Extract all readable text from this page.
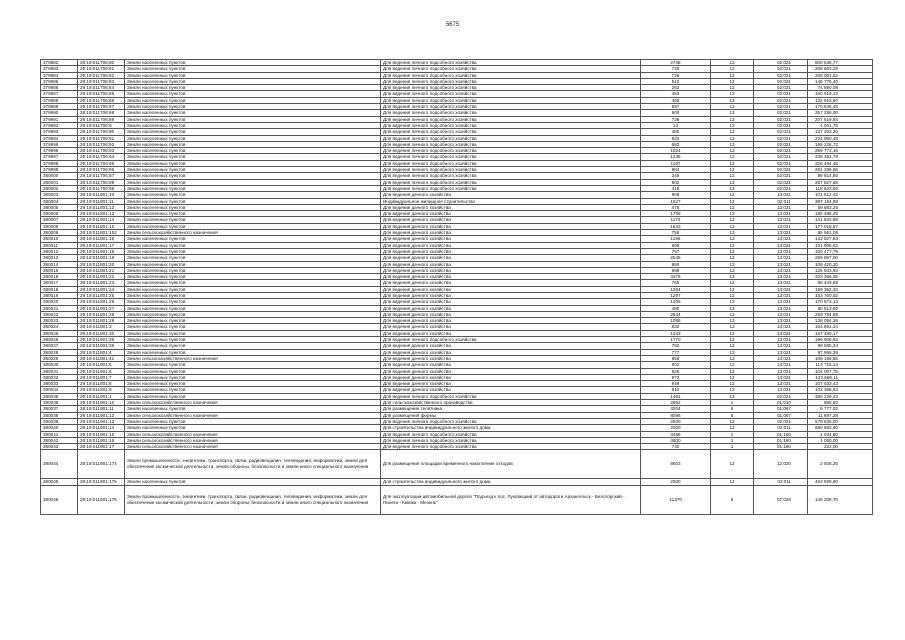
5675
379982	29:19:011706:80	Земли населенных пунктов	Для ведения личного подсобного хозяйства	2748	13	02:021	600 535,77
379983	29:19:011706:81	Земли населенных пунктов	Для ведения личного подсобного хозяйства	730	13	02:021	208 663,29
379984	29:19:011706:82	Земли населенных пунктов	Для ведения личного подсобного хозяйства	728	13	02:021	208 091,52
379985	29:19:011706:83	Земли населенных пунктов	Для ведения личного подсобного хозяйства	510	13	02:021	145 776,40
379986	29:19:011706:84	Земли населенных пунктов	Для ведения личного подсобного хозяйства	262	13	02:021	74 890,08
379987	29:19:011706:85	Земли населенных пунктов	Для ведения личного подсобного хозяйства	463	13	02:021	160 919,12
379988	29:19:011706:86	Земли населенных пунктов	Для ведения личного подсобного хозяйства	465	13	02:021	132 915,60
379989	29:19:011706:87	Земли населенных пунктов	Для ведения личного подсобного хозяйства	597	13	02:021	170 646,48
379990	29:19:011706:88	Земли населенных пунктов	Для ведения личного подсобного хозяйства	900	13	02:021	257 256,00
379991	29:19:011706:89	Земли населенных пунктов	Для ведения личного подсобного хозяйства	726	13	02:021	207 519,84
379992	29:19:011706:9	Земли населенных пунктов	Для ведения личного подсобного хозяйства	14	13	02:021	4 001,76
379993	29:19:011706:90	Земли населенных пунктов	Для ведения личного подсобного хозяйства	480	13	02:021	137 203,20
379994	29:19:011706:91	Земли населенных пунктов	Для ведения личного подсобного хозяйства	822	13	02:021	234 960,48
379995	29:19:011706:92	Земли населенных пунктов	Для ведения личного подсобного хозяйства	683	13	02:021	195 226,72
379996	29:19:011706:93	Земли населенных пунктов	Для ведения личного подсобного хозяйства	1024	13	02:021	289 773,16
379997	29:19:011706:94	Земли населенных пунктов	Для ведения личного подсобного хозяйства	1235	13	02:021	335 361,79
379998	29:19:011706:95	Земли населенных пунктов	Для ведения личного подсобного хозяйства	1197	13	02:021	326 494,45
379999	29:19:011706:96	Земли населенных пунктов	Для ведения личного подсобного хозяйства	984	13	02:021	281 266,56
380000	29:19:011706:97	Земли населенных пунктов	Для ведения личного подсобного хозяйства	345	13	02:021	98 614,80
380001	29:19:011706:98	Земли населенных пунктов	Для ведения личного подсобного хозяйства	902	13	02:021	257 827,68
380002	29:19:011706:99	Земли населенных пунктов	Для ведения личного подсобного хозяйства	415	13	02:021	118 623,60
380003	29:19:011801:10	Земли населенных пунктов	Для ведения дачного хозяйства	806	13	13:021	101 612,42
380004	29:19:011801:11	Земли населенных пунктов	Индивидуальное жилищное строительство	1527	13	02:011	387 194,89
380005	29:19:011801:12	Земли населенных пунктов	Для ведения дачного хозяйства	475	13	13:021	59 883,25
380006	29:19:011801:13	Земли населенных пунктов	Для ведения дачного хозяйства	1708	13	13:021	185 488,25
380007	29:19:011801:14	Земли населенных пунктов	Для ведения дачного хозяйства	1173	13	13:021	141 843,88
380008	29:19:011801:15	Земли населенных пунктов	Для ведения дачного хозяйства	1543	13	13:021	177 018,87
380009	29:19:011801:152	Земли сельскохозяйственного назначения	Для ведения дачного хозяйства	758	13	13:021	95 561,06
380010	29:19:011801:16	Земли населенных пунктов	Для ведения дачного хозяйства	1196	13	13:021	142 527,83
380011	29:19:011801:17	Земли населенных пунктов	Для ведения дачного хозяйства	808	13	13:021	101 906,63
380012	29:19:011801:18	Земли населенных пунктов	Для ведения дачного хозяйства	797	13	13:021	100 477,79
380013	29:19:011801:19	Земли населенных пунктов	Для ведения дачного хозяйства	2545	13	13:021	259 867,00
380014	29:19:011801:20	Земли населенных пунктов	Для ведения дачного хозяйства	860	13	13:021	108 420,20
380015	29:19:011801:21	Земли населенных пунктов	Для ведения дачного хозяйства	999	13	13:021	125 943,93
380016	29:19:011801:22	Земли населенных пунктов	Для ведения дачного хозяйства	3375	13	13:021	323 366,55
380017	29:19:011801:23	Земли населенных пунктов	Для ведения дачного хозяйства	765	13	13:021	96 443,55
380018	29:19:011801:24	Земли населенных пунктов	Для ведения дачного хозяйства	1264	13	13:021	159 352,32
380019	29:19:011801:25	Земли населенных пунктов	Для ведения дачного хозяйства	1297	13	13:021	153 760,82
380020	29:19:011801:26	Земли населенных пунктов	Для ведения дачного хозяйства	1406	13	13:021	170 573,13
380021	29:19:011801:27	Земли населенных пунктов	Для ведения дачного хозяйства	480	13	13:021	60 513,60
380022	29:19:011801:28	Земли населенных пунктов	Для ведения дачного хозяйства	2544	13	13:021	259 784,88
380023	29:19:011801:29	Земли населенных пунктов	Для ведения дачного хозяйства	1098	13	13:021	138 054,36
380024	29:19:011801:3	Земли населенных пунктов	Для ведения дачного хозяйства	832	13	13:021	104 891,24
380025	29:19:011801:30	Земли населенных пунктов	Для ведения дачного хозяйства	1343	13	13:021	157 480,17
380026	29:19:011801:35	Земли населенных пунктов	Для ведения личного подсобного хозяйства	1770	13	13:021	196 906,63
380027	29:19:011801:38	Земли населенных пунктов	Для ведения дачного хозяйства	782	13	13:021	98 585,34
380028	29:19:011801:4	Земли населенных пунктов	Для ведения дачного хозяйства	777	13	13:021	97 955,39
380029	29:19:011801:41	Земли сельскохозяйственного назначения	Для ведения дачного хозяйства	858	13	13:021	108 166,56
380030	29:19:011801:5	Земли населенных пунктов	Для ведения дачного хозяйства	902	13	13:021	113 715,14
380031	29:19:011801:6	Земли населенных пунктов	Для ведения дачного хозяйства	825	13	13:021	104 007,75
380032	29:19:011801:7	Земли населенных пунктов	Для ведения дачного хозяйства	973	13	13:021	122 666,11
380033	29:19:011801:8	Земли населенных пунктов	Для ведения дачного хозяйства	849	13	13:021	107 033,43
380034	29:19:011801:9	Земли населенных пунктов	Для ведения дачного хозяйства	812	13	13:021	102 368,84
380035	29:19:011901:1	Земли населенных пунктов	Для ведения личного подсобного хозяйства	1481	13	02:021	385 229,43
380036	29:19:011901:10	Земли сельскохозяйственного назначения	Для сельскохозяйственного производства	2862	1	01:010	856,60
380037	29:19:011901:11	Земли населенных пунктов	Для размещения телятника	3204	6	01:067	5 777,02
380038	29:19:011901:12	Земли сельскохозяйственного назначения	Для размещения фермы	8096	6	01:067	11 697,28
380039	29:19:011901:13	Земли населенных пунктов	Для ведения личного подсобного хозяйства	2500	13	02:021	578 825,00
380040	29:19:011901:14	Земли населенных пунктов	Для строительства индивидуального жилого дома	2000	13	02:011	680 883,60
380041	29:19:011901:15	Земли сельскохозяйственного назначения	Для ведения личного подсобного хозяйства	3486	1	01:160	1 044,80
380042	29:19:011901:16	Земли сельскохозяйственного назначения	Для ведения личного подсобного хозяйства	3500	1	01:160	1 050,00
380043	29:19:011901:17	Земли сельскохозяйственного назначения	Для ведения личного подсобного хозяйства	740	1	01:160	222,00
380044	29:19:011901:174	Земли промышленности, энергетики, транспорта, связи, радиовещания, телевидения, информатики, земли для обеспечения космической деятельности, земли обороны, безопасности и земли иного специального назначения	Для размещения площадки временного накопления отходов	8603	12	12:020	2 508,26
380045	29:19:011901:175	Земли населенных пунктов	Для строительства индивидуального жилого дома	2000	13	02:011	463 928,90
380046	29:19:011901:176	Земли промышленности, энергетики, транспорта, связи, радиовещания, телевидения, информатики, земли для обеспечения космической деятельности, земли обороны, безопасности и земли иного специального назначения	Для эксплуатации автомобильной дороги "Подъезд к пос. Луковецкий от автодороги Архангельск - Белогорский - Пинега - Кимжа - Мезень"	41370	6	07:026	145 208,70
